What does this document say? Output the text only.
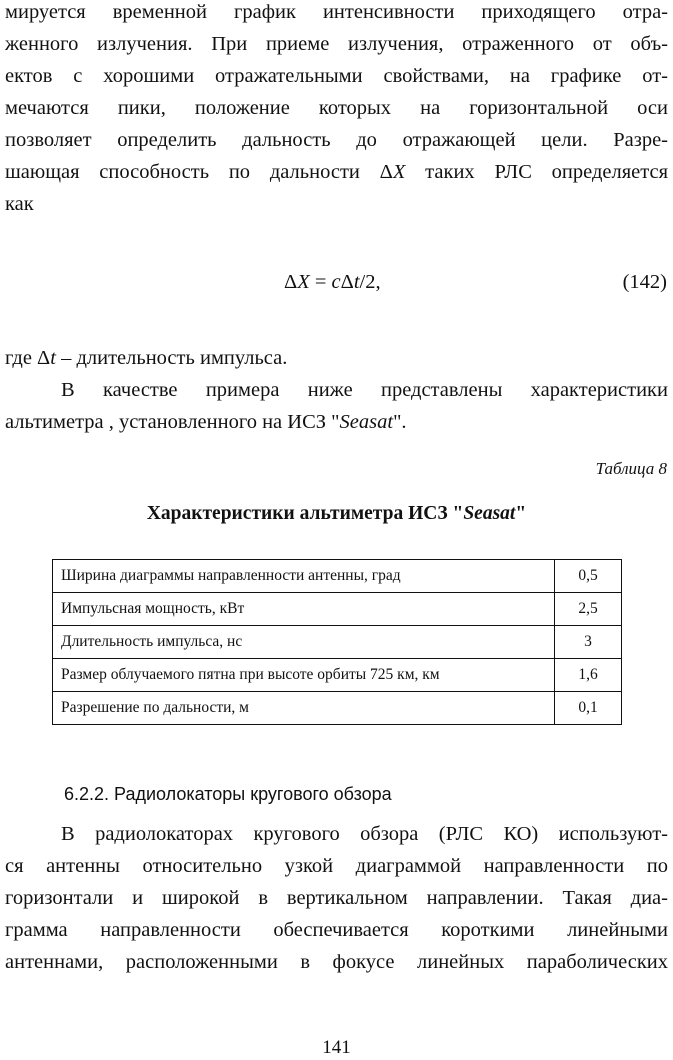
мируется временной график интенсивности приходящего отра-
женного излучения. При приеме излучения, отраженного от объ-
ектов с хорошими отражательными свойствами, на графике от-
мечаются пики, положение которых на горизонтальной оси
позволяет определить дальность до отражающей цели. Разре-
шающая способность по дальности ΔX таких РЛС определяется
как

ΔX = cΔt/2,	(142)

где Δt – длительность импульса.

В качестве примера ниже представлены характеристики
альтиметра , установленного на ИСЗ "Seasat".

Таблица 8
Характеристики альтиметра ИСЗ "Seasat"
Ширина диаграммы направленности антенны, град	0,5
Импульсная мощность, кВт	2,5
Длительность импульса, нс	3
Размер облучаемого пятна при высоте орбиты 725 км, км	1,6
Разрешение по дальности, м	0,1
6.2.2. Радиолокаторы кругового обзора

В радиолокаторах кругового обзора (РЛС КО) используют-
ся антенны относительно узкой диаграммой направленности по
горизонтали и широкой в вертикальном направлении. Такая диа-
грамма направленности обеспечивается короткими линейными
антеннами, расположенными в фокусе линейных параболических

141
